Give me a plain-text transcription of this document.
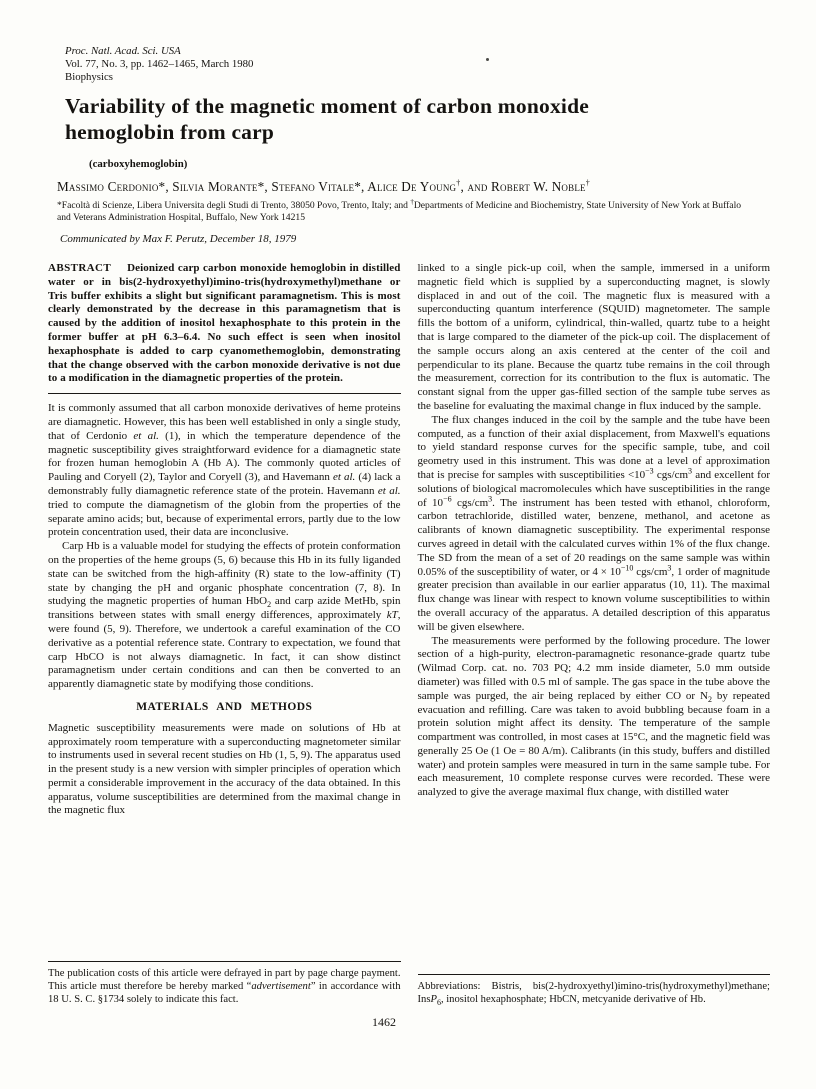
Proc. Natl. Acad. Sci. USA
Vol. 77, No. 3, pp. 1462–1465, March 1980
Biophysics
Variability of the magnetic moment of carbon monoxide hemoglobin from carp
(carboxyhemoglobin)
Massimo Cerdonio*, Silvia Morante*, Stefano Vitale*, Alice De Young†, and Robert W. Noble†
*Facoltà di Scienze, Libera Universita degli Studi di Trento, 38050 Povo, Trento, Italy; and †Departments of Medicine and Biochemistry, State University of New York at Buffalo and Veterans Administration Hospital, Buffalo, New York 14215
Communicated by Max F. Perutz, December 18, 1979

ABSTRACT Deionized carp carbon monoxide hemoglobin in distilled water or in bis(2-hydroxyethyl)imino-tris(hydroxymethyl)methane or Tris buffer exhibits a slight but significant paramagnetism. This is most clearly demonstrated by the decrease in this paramagnetism that is caused by the addition of inositol hexaphosphate to this protein in the former buffer at pH 6.3–6.4. No such effect is seen when inositol hexaphosphate is added to carp cyanomethemoglobin, demonstrating that the change observed with the carbon monoxide derivative is not due to a modification in the diamagnetic properties of the protein.

It is commonly assumed that all carbon monoxide derivatives of heme proteins are diamagnetic. However, this has been well established in only a single study, that of Cerdonio et al. (1), in which the temperature dependence of the magnetic susceptibility gives straightforward evidence for a diamagnetic state for frozen human hemoglobin A (Hb A). The commonly quoted articles of Pauling and Coryell (2), Taylor and Coryell (3), and Havemann et al. (4) lack a demonstrably fully diamagnetic reference state of the protein. Havemann et al. tried to compute the diamagnetism of the globin from the properties of the separate amino acids; but, because of experimental errors, partly due to the low protein concentration used, their data are inconclusive.

Carp Hb is a valuable model for studying the effects of protein conformation on the properties of the heme groups (5, 6) because this Hb in its fully liganded state can be switched from the high-affinity (R) state to the low-affinity (T) state by changing the pH and organic phosphate concentration (7, 8). In studying the magnetic properties of human HbO$_2$ and carp azide MetHb, spin transitions between states with small energy differences, approximately kT, were found (5, 9). Therefore, we undertook a careful examination of the CO derivative as a potential reference state. Contrary to expectation, we found that carp HbCO is not always diamagnetic. In fact, it can show distinct paramagnetism under certain conditions and can then be converted to an apparently diamagnetic state by modifying those conditions.

MATERIALS AND METHODS

Magnetic susceptibility measurements were made on solutions of Hb at approximately room temperature with a superconducting magnetometer similar to instruments used in several recent studies on Hb (1, 5, 9). The apparatus used in the present study is a new version with simpler principles of operation which permit a considerable improvement in the accuracy of the data obtained. In this apparatus, volume susceptibilities are determined from the maximal change in the magnetic flux

The publication costs of this article were defrayed in part by page charge payment. This article must therefore be hereby marked “advertisement” in accordance with 18 U. S. C. §1734 solely to indicate this fact.

linked to a single pick-up coil, when the sample, immersed in a uniform magnetic field which is supplied by a superconducting magnet, is slowly displaced in and out of the coil. The magnetic flux is measured with a superconducting quantum interference (SQUID) magnetometer. The sample fills the bottom of a uniform, cylindrical, thin-walled, quartz tube to a height that is large compared to the diameter of the pick-up coil. The displacement of the sample occurs along an axis centered at the center of the coil and perpendicular to its plane. Because the quartz tube remains in the coil through the measurement, correction for its contribution to the flux is automatic. The constant signal from the upper gas-filled section of the sample tube serves as the baseline for evaluating the maximal change in flux induced by the sample.

The flux changes induced in the coil by the sample and the tube have been computed, as a function of their axial displacement, from Maxwell's equations to yield standard response curves for the specific sample, tube, and coil geometry used in this instrument. This was done at a level of approximation that is precise for samples with susceptibilities $<10^{-3}$ cgs/$cm^3$ and excellent for solutions of biological macromolecules which have susceptibilities in the range of $10^{-6}$ cgs/$cm^3$. The instrument has been tested with ethanol, chloroform, carbon tetrachloride, distilled water, benzene, methanol, and acetone as calibrants of known diamagnetic susceptibility. The experimental response curves agreed in detail with the calculated curves within 1% of the flux change. The SD from the mean of a set of 20 readings on the same sample was within 0.05% of the susceptibility of water, or $4 \times 10^{-10}$ cgs/$cm^3$, 1 order of magnitude greater precision than available in our earlier apparatus (10, 11). The maximal flux change was linear with respect to known volume susceptibilities to within the overall accuracy of the apparatus. A detailed description of this apparatus will be given elsewhere.

The measurements were performed by the following procedure. The lower section of a high-purity, electron-paramagnetic resonance-grade quartz tube (Wilmad Corp. cat. no. 703 PQ; 4.2 mm inside diameter, 5.0 mm outside diameter) was filled with 0.5 ml of sample. The gas space in the tube above the sample was purged, the air being replaced by either CO or $N_2$ by repeated evacuation and refilling. Care was taken to avoid bubbling because foam in a protein solution might affect its density. The temperature of the sample compartment was controlled, in most cases at 15°C, and the magnetic field was generally 25 Oe (1 Oe = 80 A/m). Calibrants (in this study, buffers and distilled water) and protein samples were measured in turn in the same sample tube. For each measurement, 10 complete response curves were recorded. These were analyzed to give the average maximal flux change, with distilled water

Abbreviations: Bistris, bis(2-hydroxyethyl)imino-tris(hydroxymethyl)methane; InsP$_6$, inositol hexaphosphate; HbCN, metcyanide derivative of Hb.

1462
